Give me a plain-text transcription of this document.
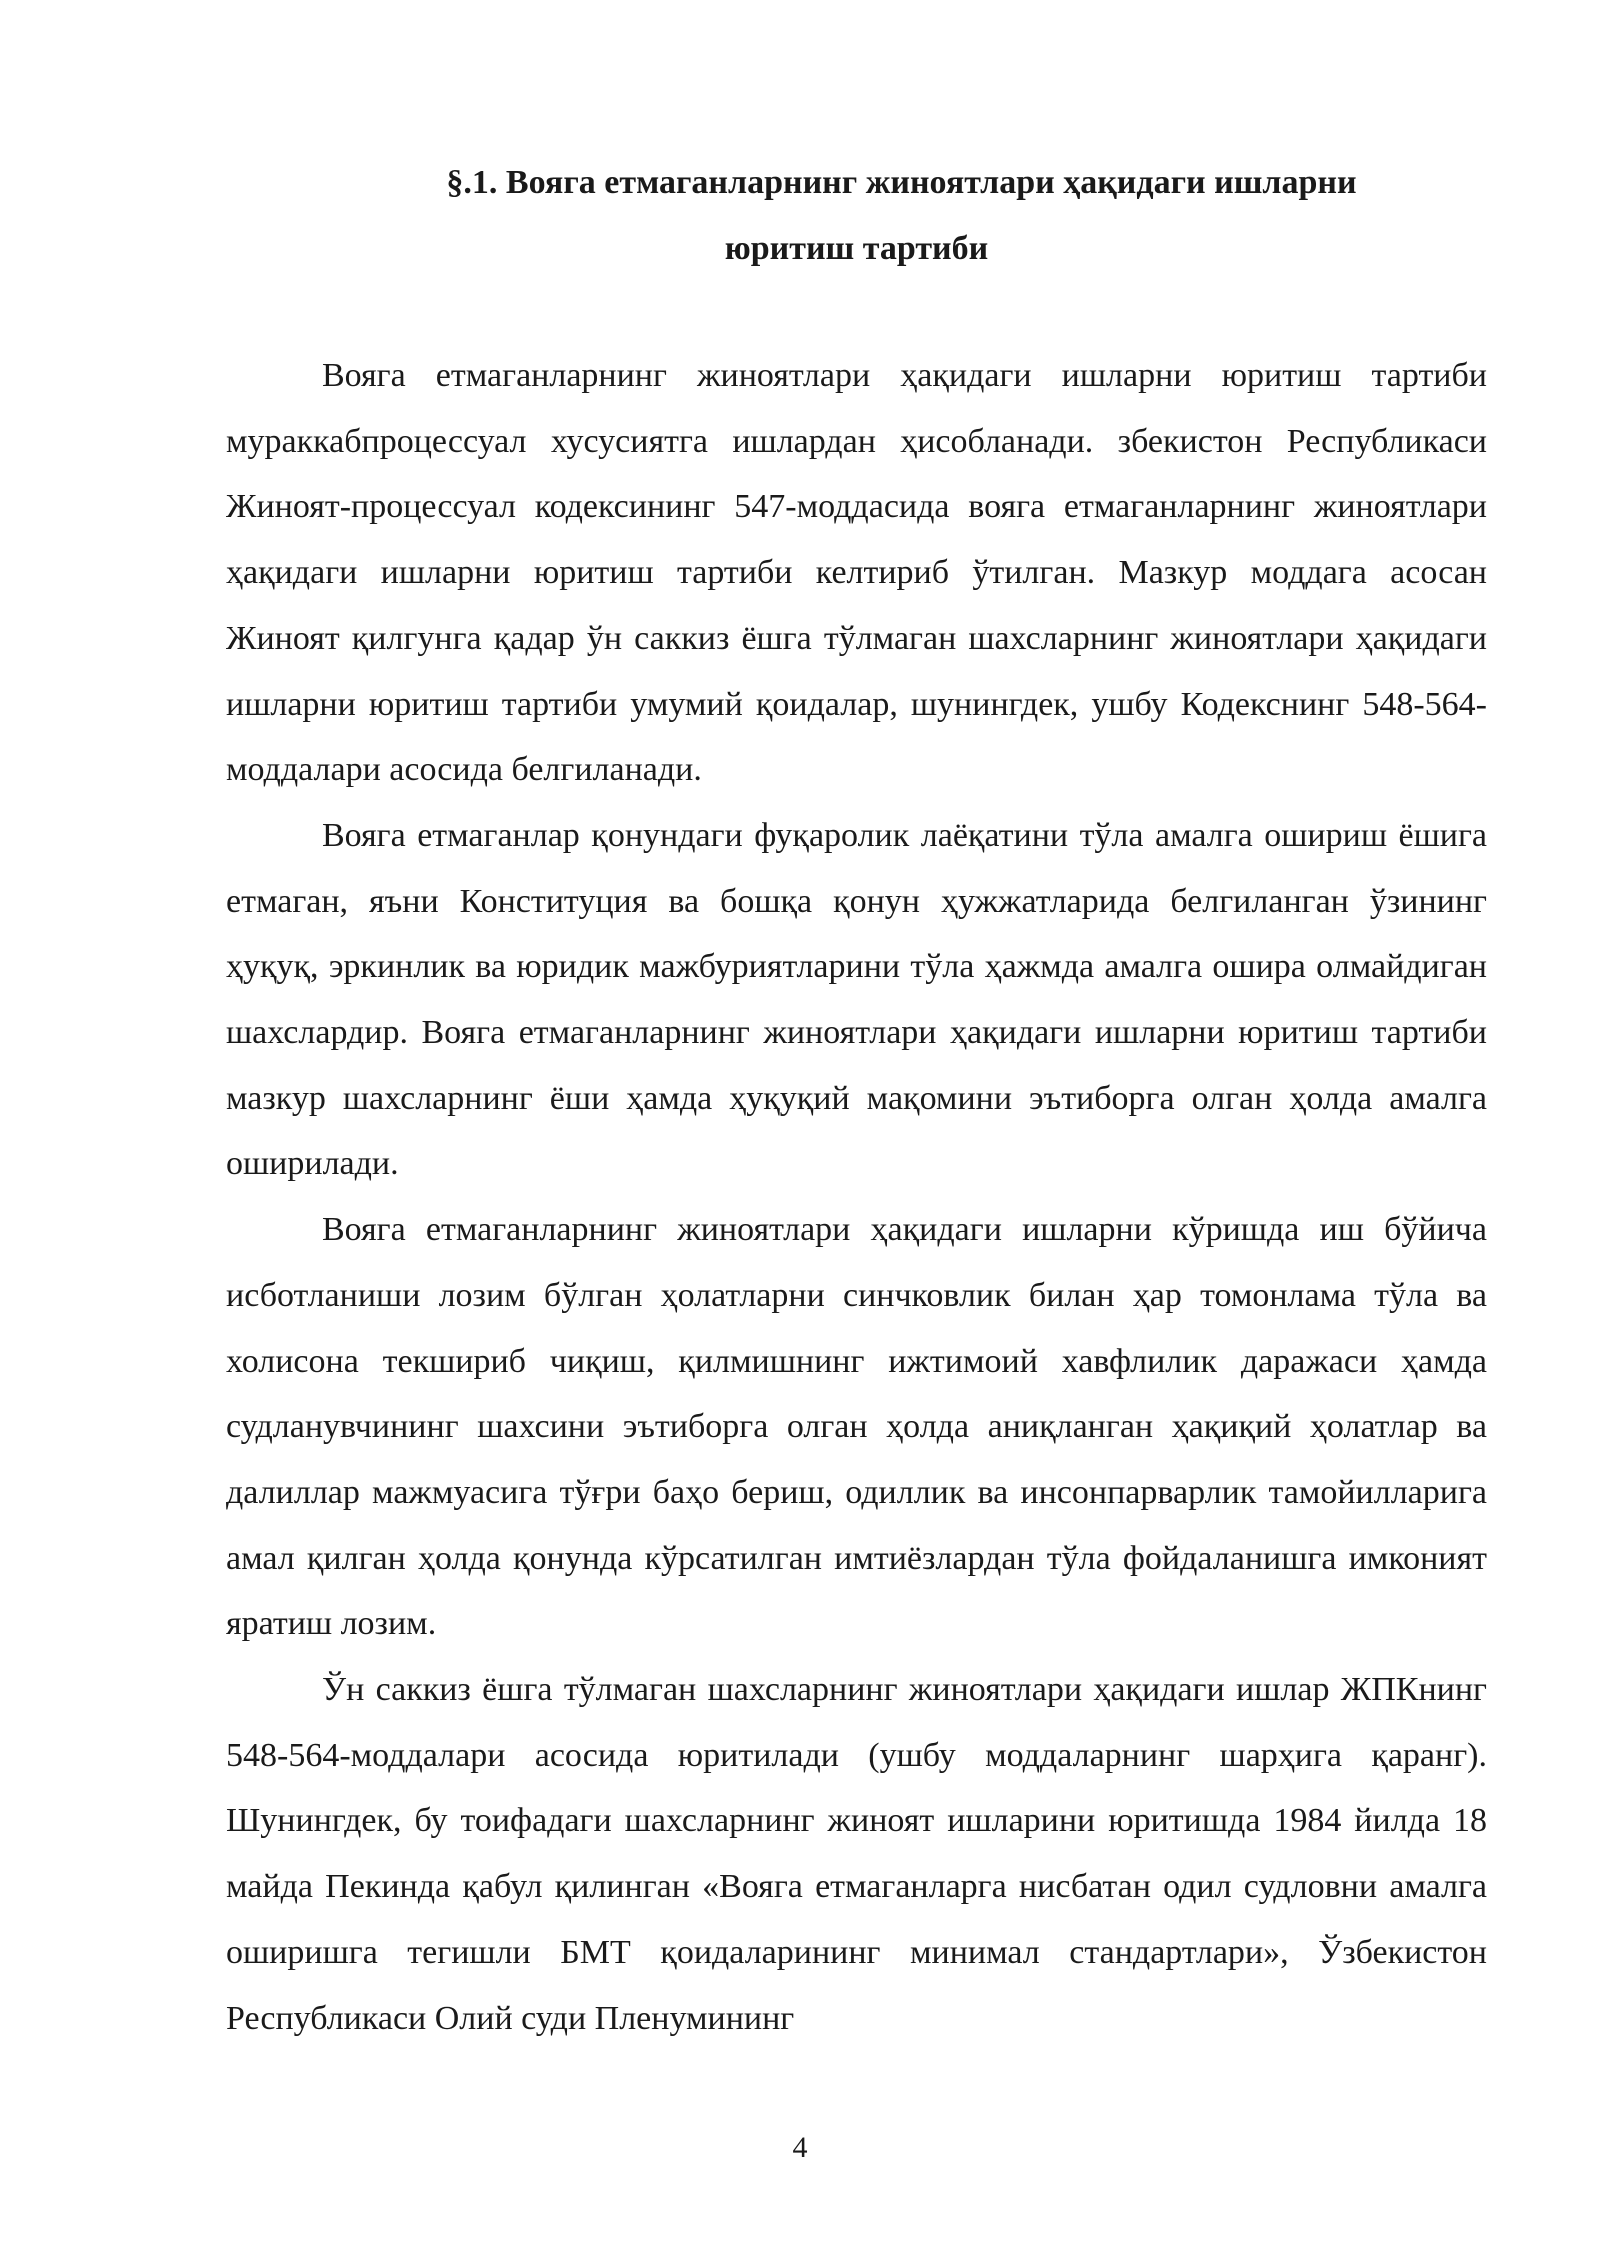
§.1. Вояга етмаганларнинг жиноятлари ҳақидаги ишларни
юритиш тартиби

Вояга етмаганларнинг жиноятлари ҳақидаги ишларни юритиш тартиби мураккабпроцессуал хусусиятга ишлардан ҳисобланади. збекистон Республикаси Жиноят-процессуал кодексининг 547-моддасида вояга етмаганларнинг жиноятлари ҳақидаги ишларни юритиш тартиби келтириб ўтилган. Мазкур моддага асосан Жиноят қилгунга қадар ўн саккиз ёшга тўлмаган шахсларнинг жиноятлари ҳақидаги ишларни юритиш тартиби умумий қоидалар, шунингдек, ушбу Кодекснинг 548-564-моддалари асосида белгиланади.

Вояга етмаганлар қонундаги фуқаролик лаёқатини тўла амалга ошириш ёшига етмаган, яъни Конституция ва бошқа қонун ҳужжатларида белгиланган ўзининг ҳуқуқ, эркинлик ва юридик мажбуриятларини тўла ҳажмда амалга ошира олмайдиган шахслардир. Вояга етмаганларнинг жиноятлари ҳақидаги ишларни юритиш тартиби мазкур шахсларнинг ёши ҳамда ҳуқуқий мақомини эътиборга олган ҳолда амалга оширилади.

Вояга етмаганларнинг жиноятлари ҳақидаги ишларни кўришда иш бўйича исботланиши лозим бўлган ҳолатларни синчковлик билан ҳар томонлама тўла ва холисона текшириб чиқиш, қилмишнинг ижтимоий хавфлилик даражаси ҳамда судланувчининг шахсини эътиборга олган ҳолда аниқланган ҳақиқий ҳолатлар ва далиллар мажмуасига тўғри баҳо бериш, одиллик ва инсонпарварлик тамойилларига амал қилган ҳолда қонунда кўрсатилган имтиёзлардан тўла фойдаланишга имконият яратиш лозим.

Ўн саккиз ёшга тўлмаган шахсларнинг жиноятлари ҳақидаги ишлар ЖПКнинг 548-564-моддалари асосида юритилади (ушбу моддаларнинг шарҳига қаранг). Шунингдек, бу тоифадаги шахсларнинг жиноят ишларини юритишда 1984 йилда 18 майда Пекинда қабул қилинган «Вояга етмаганларга нисбатан одил судловни амалга оширишга тегишли БМТ қоидаларининг минимал стандартлари», Ўзбекистон Республикаси Олий суди Пленумининг

4
